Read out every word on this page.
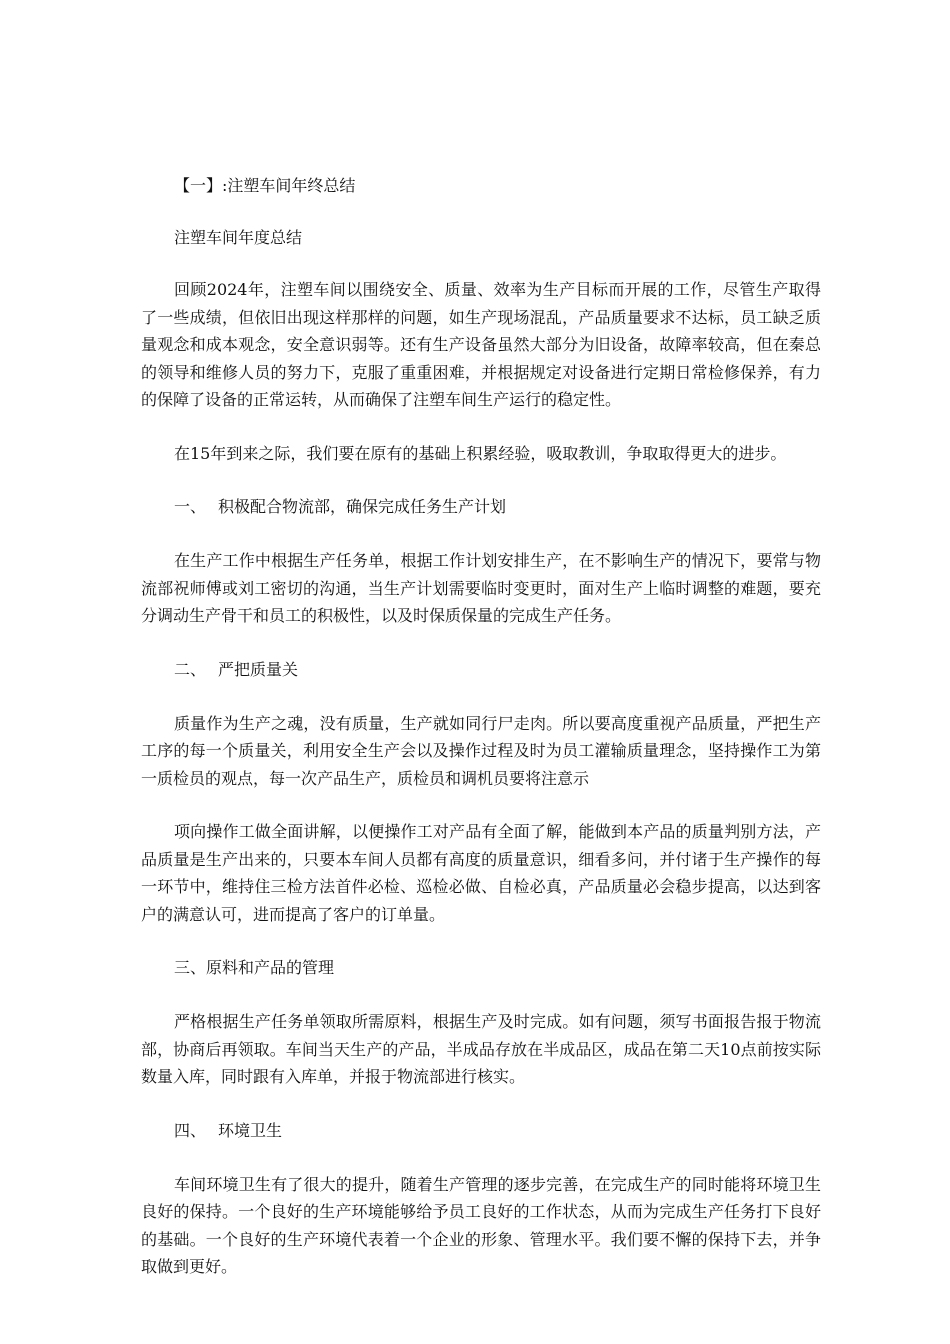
【一】:注塑车间年终总结

注塑车间年度总结

回顾2024年，注塑车间以围绕安全、质量、效率为生产目标而开展的工作，尽管生产取得了一些成绩，但依旧出现这样那样的问题，如生产现场混乱，产品质量要求不达标，员工缺乏质量观念和成本观念，安全意识弱等。还有生产设备虽然大部分为旧设备，故障率较高，但在秦总的领导和维修人员的努力下，克服了重重困难，并根据规定对设备进行定期日常检修保养，有力的保障了设备的正常运转，从而确保了注塑车间生产运行的稳定性。

在15年到来之际，我们要在原有的基础上积累经验，吸取教训，争取取得更大的进步。

一、 积极配合物流部，确保完成任务生产计划

在生产工作中根据生产任务单，根据工作计划安排生产，在不影响生产的情况下，要常与物流部祝师傅或刘工密切的沟通，当生产计划需要临时变更时，面对生产上临时调整的难题，要充分调动生产骨干和员工的积极性，以及时保质保量的完成生产任务。

二、 严把质量关

质量作为生产之魂，没有质量，生产就如同行尸走肉。所以要高度重视产品质量，严把生产工序的每一个质量关，利用安全生产会以及操作过程及时为员工灌输质量理念，坚持操作工为第一质检员的观点，每一次产品生产，质检员和调机员要将注意示

项向操作工做全面讲解，以便操作工对产品有全面了解，能做到本产品的质量判别方法，产品质量是生产出来的，只要本车间人员都有高度的质量意识，细看多问，并付诸于生产操作的每一环节中，维持住三检方法首件必检、巡检必做、自检必真，产品质量必会稳步提高，以达到客户的满意认可，进而提高了客户的订单量。

三、原料和产品的管理

严格根据生产任务单领取所需原料，根据生产及时完成。如有问题，须写书面报告报于物流部，协商后再领取。车间当天生产的产品，半成品存放在半成品区，成品在第二天10点前按实际数量入库，同时跟有入库单，并报于物流部进行核实。

四、 环境卫生

车间环境卫生有了很大的提升，随着生产管理的逐步完善，在完成生产的同时能将环境卫生良好的保持。一个良好的生产环境能够给予员工良好的工作状态，从而为完成生产任务打下良好的基础。一个良好的生产环境代表着一个企业的形象、管理水平。我们要不懈的保持下去，并争取做到更好。
